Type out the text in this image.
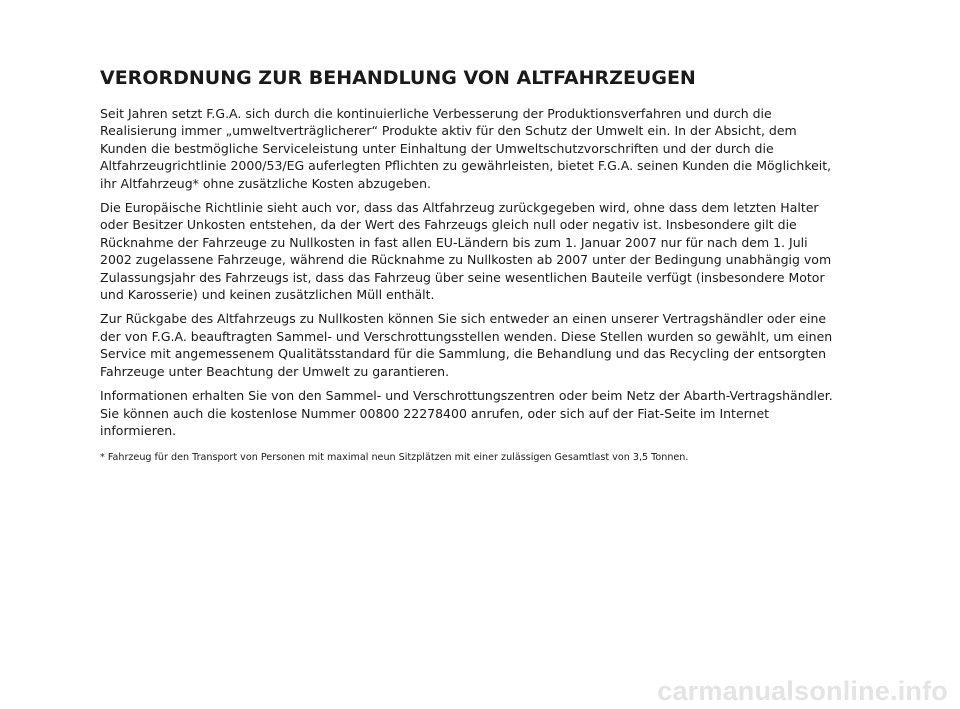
VERORDNUNG ZUR BEHANDLUNG VON ALTFAHRZEUGEN

Seit Jahren setzt F.G.A. sich durch die kontinuierliche Verbesserung der Produktionsverfahren und durch die Realisierung immer „umweltverträglicherer“ Produkte aktiv für den Schutz der Umwelt ein. In der Absicht, dem Kunden die bestmögliche Serviceleistung unter Einhaltung der Umweltschutzvorschriften und der durch die Altfahrzeugrichtlinie 2000/53/EG auferlegten Pflichten zu gewährleisten, bietet F.G.A. seinen Kunden die Möglichkeit, ihr Altfahrzeug* ohne zusätzliche Kosten abzugeben.

Die Europäische Richtlinie sieht auch vor, dass das Altfahrzeug zurückgegeben wird, ohne dass dem letzten Halter oder Besitzer Unkosten entstehen, da der Wert des Fahrzeugs gleich null oder negativ ist. Insbesondere gilt die Rücknahme der Fahrzeuge zu Nullkosten in fast allen EU-Ländern bis zum 1. Januar 2007 nur für nach dem 1. Juli 2002 zugelassene Fahrzeuge, während die Rücknahme zu Nullkosten ab 2007 unter der Bedingung unabhängig vom Zulassungsjahr des Fahrzeugs ist, dass das Fahrzeug über seine wesentlichen Bauteile verfügt (insbesondere Motor und Karosserie) und keinen zusätzlichen Müll enthält.

Zur Rückgabe des Altfahrzeugs zu Nullkosten können Sie sich entweder an einen unserer Vertragshändler oder eine der von F.G.A. beauftragten Sammel- und Verschrottungsstellen wenden. Diese Stellen wurden so gewählt, um einen Service mit angemessenem Qualitätsstandard für die Sammlung, die Behandlung und das Recycling der entsorgten Fahrzeuge unter Beachtung der Umwelt zu garantieren.

Informationen erhalten Sie von den Sammel- und Verschrottungszentren oder beim Netz der Abarth-Vertragshändler. Sie können auch die kostenlose Nummer 00800 22278400 anrufen, oder sich auf der Fiat-Seite im Internet informieren.

* Fahrzeug für den Transport von Personen mit maximal neun Sitzplätzen mit einer zulässigen Gesamtlast von 3,5 Tonnen.

carmanualsonline.info
